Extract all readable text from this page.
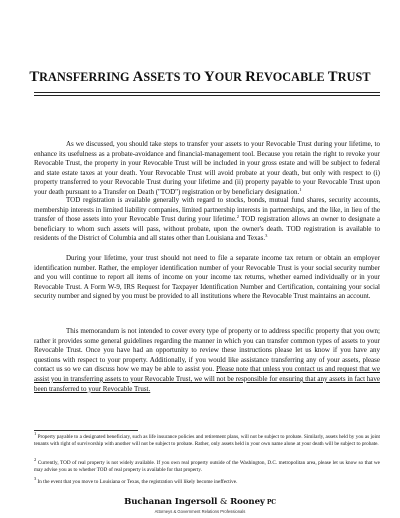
TRANSFERRING ASSETS TO YOUR REVOCABLE TRUST

As we discussed, you should take steps to transfer your assets to your Revocable Trust during your lifetime, to enhance its usefulness as a probate-avoidance and financial-management tool. Because you retain the right to revoke your Revocable Trust, the property in your Revocable Trust will be included in your gross estate and will be subject to federal and state estate taxes at your death. Your Revocable Trust will avoid probate at your death, but only with respect to (i) property transferred to your Revocable Trust during your lifetime and (ii) property payable to your Revocable Trust upon your death pursuant to a Transfer on Death ("TOD") registration or by beneficiary designation.$^1$

TOD registration is available generally with regard to stocks, bonds, mutual fund shares, security accounts, membership interests in limited liability companies, limited partnership interests in partnerships, and the like, in lieu of the transfer of those assets into your Revocable Trust during your lifetime.$^2$ TOD registration allows an owner to designate a beneficiary to whom such assets will pass, without probate, upon the owner's death. TOD registration is available to residents of the District of Columbia and all states other than Louisiana and Texas.$^3$

During your lifetime, your trust should not need to file a separate income tax return or obtain an employer identification number. Rather, the employer identification number of your Revocable Trust is your social security number and you will continue to report all items of income on your income tax returns, whether earned individually or in your Revocable Trust. A Form W-9, IRS Request for Taxpayer Identification Number and Certification, containing your social security number and signed by you must be provided to all institutions where the Revocable Trust maintains an account.

This memorandum is not intended to cover every type of property or to address specific property that you own; rather it provides some general guidelines regarding the manner in which you can transfer common types of assets to your Revocable Trust. Once you have had an opportunity to review these instructions please let us know if you have any questions with respect to your property. Additionally, if you would like assistance transferring any of your assets, please contact us so we can discuss how we may be able to assist you. Please note that unless you contact us and request that we assist you in transferring assets to your Revocable Trust, we will not be responsible for ensuring that any assets in fact have been transferred to your Revocable Trust.

$^1$ Property payable to a designated beneficiary, such as life insurance policies and retirement plans, will not be subject to probate. Similarly, assets held by you as joint tenants with right of survivorship with another will not be subject to probate. Rather, only assets held in your own name alone at your death will be subject to probate.

$^2$ Currently, TOD of real property is not widely available. If you own real property outside of the Washington, D.C. metropolitan area, please let us know so that we may advise you as to whether TOD of real property is available for that property.

$^3$ In the event that you move to Louisiana or Texas, the registration will likely become ineffective.

Buchanan Ingersoll & Rooney PC
Attorneys & Government Relations Professionals
